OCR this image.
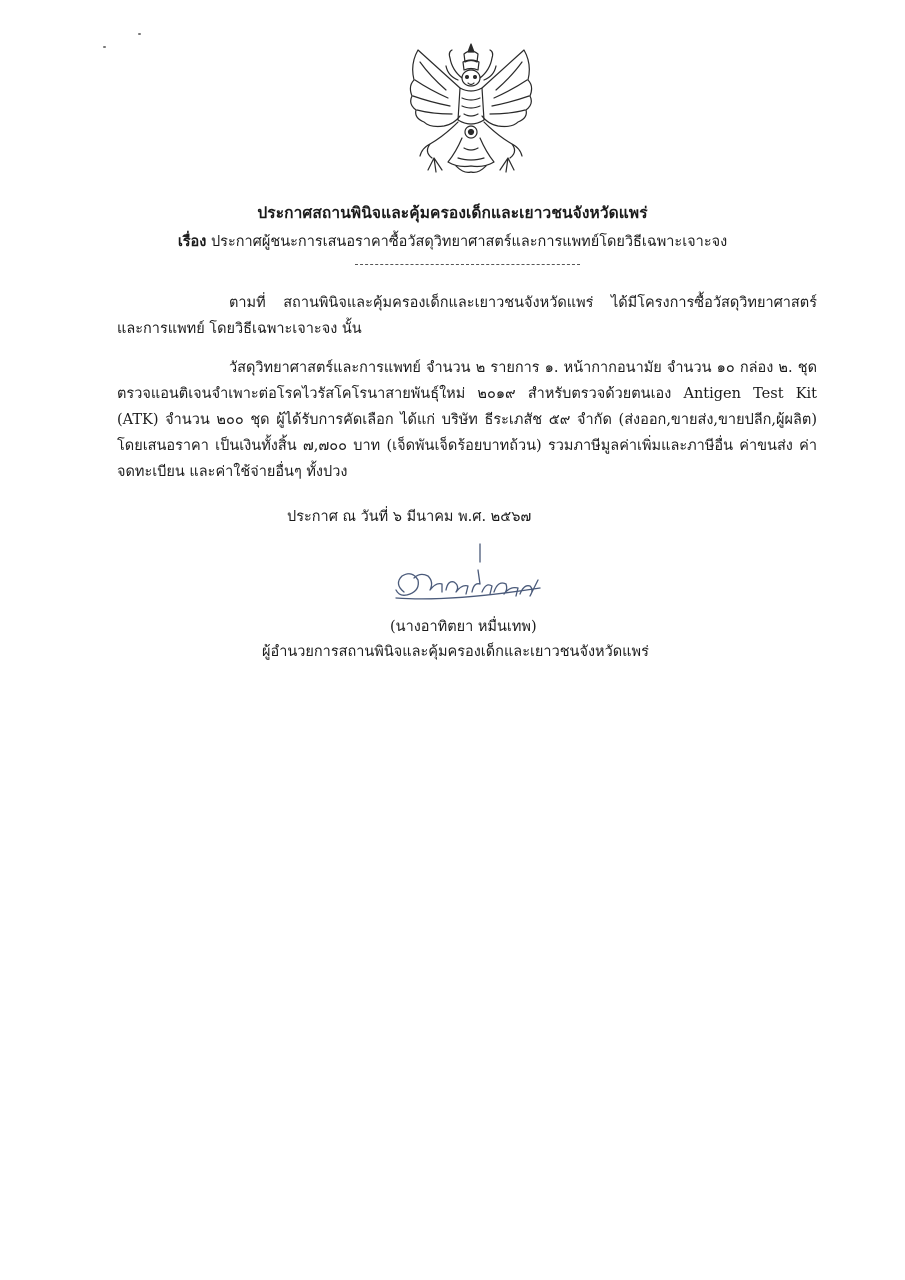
ประกาศสถานพินิจและคุ้มครองเด็กและเยาวชนจังหวัดแพร่
เรื่อง ประกาศผู้ชนะการเสนอราคาซื้อวัสดุวิทยาศาสตร์และการแพทย์โดยวิธีเฉพาะเจาะจง
ตามที่ สถานพินิจและคุ้มครองเด็กและเยาวชนจังหวัดแพร่ ได้มีโครงการซื้อวัสดุวิทยาศาสตร์และการแพทย์ โดยวิธีเฉพาะเจาะจง นั้น
วัสดุวิทยาศาสตร์และการแพทย์ จำนวน ๒ รายการ ๑. หน้ากากอนามัย จำนวน ๑๐ กล่อง ๒. ชุดตรวจแอนติเจนจำเพาะต่อโรคไวรัสโคโรนาสายพันธุ์ใหม่ ๒๐๑๙ สำหรับตรวจด้วยตนเอง Antigen Test Kit (ATK) จำนวน ๒๐๐ ชุด ผู้ได้รับการคัดเลือก ได้แก่ บริษัท ธีระเภสัช ๕๙ จำกัด (ส่งออก,ขายส่ง,ขายปลีก,ผู้ผลิต) โดยเสนอราคา เป็นเงินทั้งสิ้น ๗,๗๐๐ บาท (เจ็ดพันเจ็ดร้อยบาทถ้วน) รวมภาษีมูลค่าเพิ่มและภาษีอื่น ค่าขนส่ง ค่าจดทะเบียน และค่าใช้จ่ายอื่นๆ ทั้งปวง
ประกาศ ณ วันที่ ๖ มีนาคม พ.ศ. ๒๕๖๗
(นางอาทิตยา หมื่นเทพ)
ผู้อำนวยการสถานพินิจและคุ้มครองเด็กและเยาวชนจังหวัดแพร่
